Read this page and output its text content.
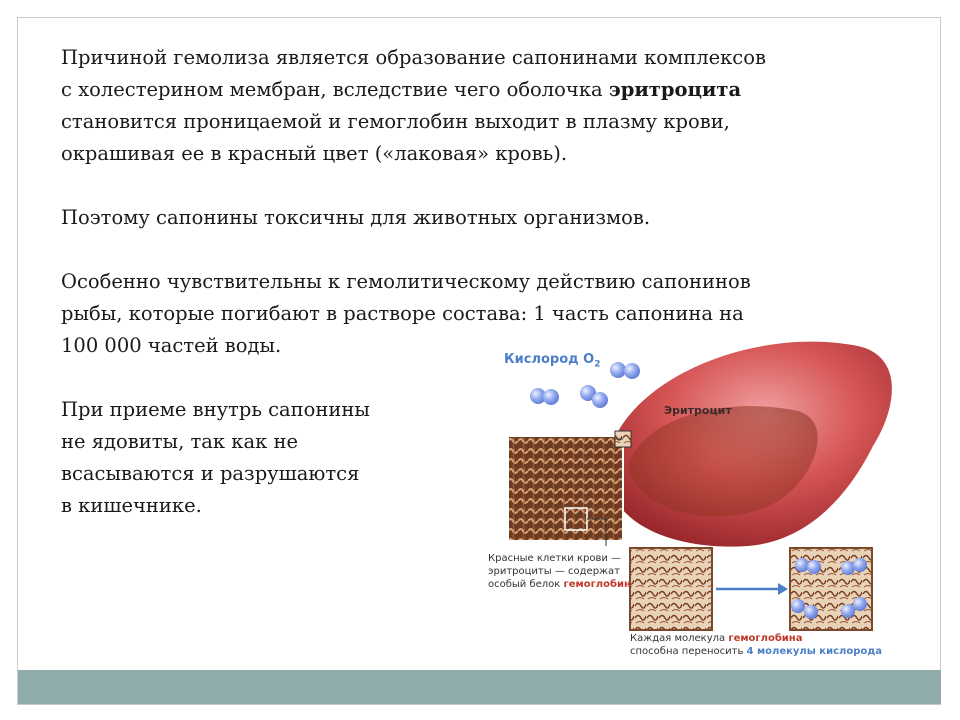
Причиной гемолиза является образование сапонинами комплексов
с холестерином мембран, вследствие чего оболочка эритроцита
становится проницаемой и гемоглобин выходит в плазму крови,
окрашивая ее в красный цвет («лаковая» кровь).

Поэтому сапонины токсичны для животных организмов.

Особенно чувствительны к гемолитическому действию сапонинов
рыбы, которые погибают в растворе состава: 1 часть сапонина на
100 000 частей воды.

При приеме внутрь сапонины
не ядовиты, так как не
всасываются и разрушаются
в кишечнике.

Кислород $O_2$
Эритроцит
Красные клетки крови —
эритроциты — содержат
особый белок гемоглобин
Каждая молекула гемоглобина
способна переносить 4 молекулы кислорода
